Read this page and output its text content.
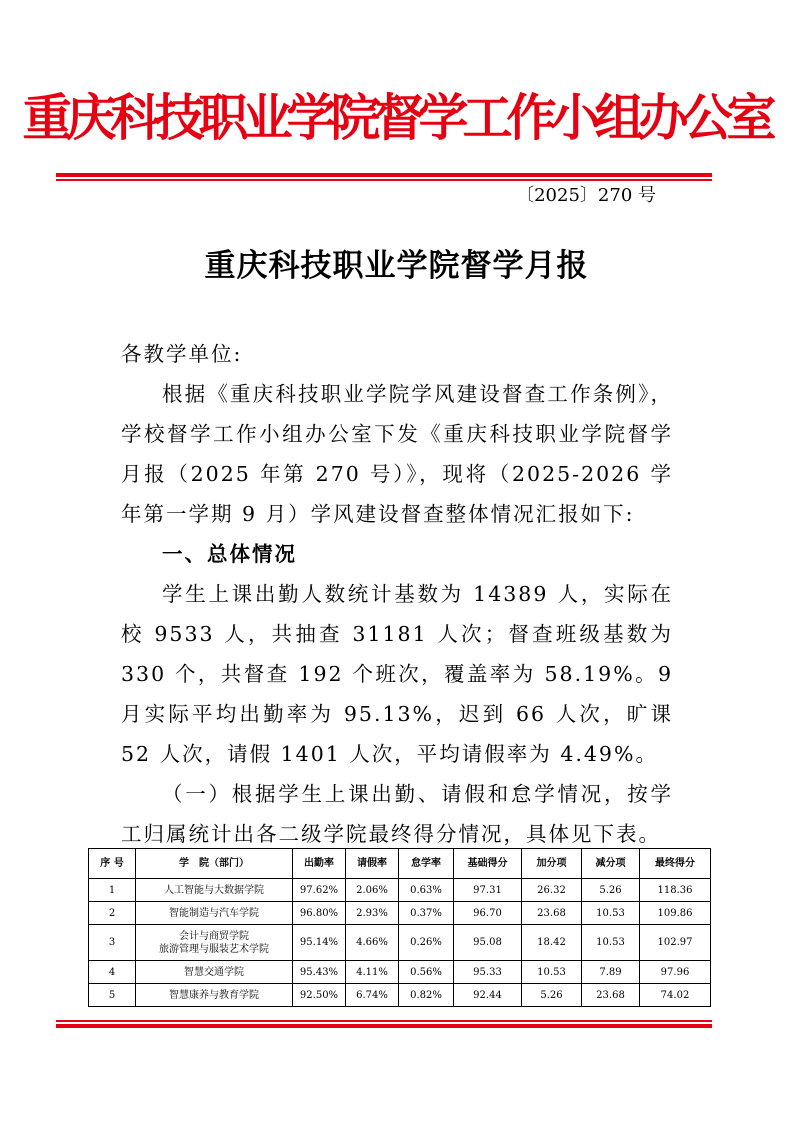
重庆科技职业学院督学工作小组办公室
〔2025〕270 号
重庆科技职业学院督学月报

各教学单位:

根据《重庆科技职业学院学风建设督查工作条例》，学校督学工作小组办公室下发《重庆科技职业学院督学月报（2025 年第 270 号）》，现将（2025-2026 学年第一学期 9 月）学风建设督查整体情况汇报如下:

一、总体情况

学生上课出勤人数统计基数为 14389 人，实际在校 9533 人，共抽查 31181 人次；督查班级基数为 330 个，共督查 192 个班次，覆盖率为 58.19%。9 月实际平均出勤率为 95.13%，迟到 66 人次，旷课 52 人次，请假 1401 人次，平均请假率为 4.49%。

（一）根据学生上课出勤、请假和怠学情况，按学工归属统计出各二级学院最终得分情况，具体见下表。

序 号	学　院（部门）	出勤率	请假率	怠学率	基础得分	加分项	减分项	最终得分
1	人工智能与大数据学院	97.62%	2.06%	0.63%	97.31	26.32	5.26	118.36
2	智能制造与汽车学院	96.80%	2.93%	0.37%	96.70	23.68	10.53	109.86
3	会计与商贸学院
旅游管理与服装艺术学院	95.14%	4.66%	0.26%	95.08	18.42	10.53	102.97
4	智慧交通学院	95.43%	4.11%	0.56%	95.33	10.53	7.89	97.96
5	智慧康养与教育学院	92.50%	6.74%	0.82%	92.44	5.26	23.68	74.02
